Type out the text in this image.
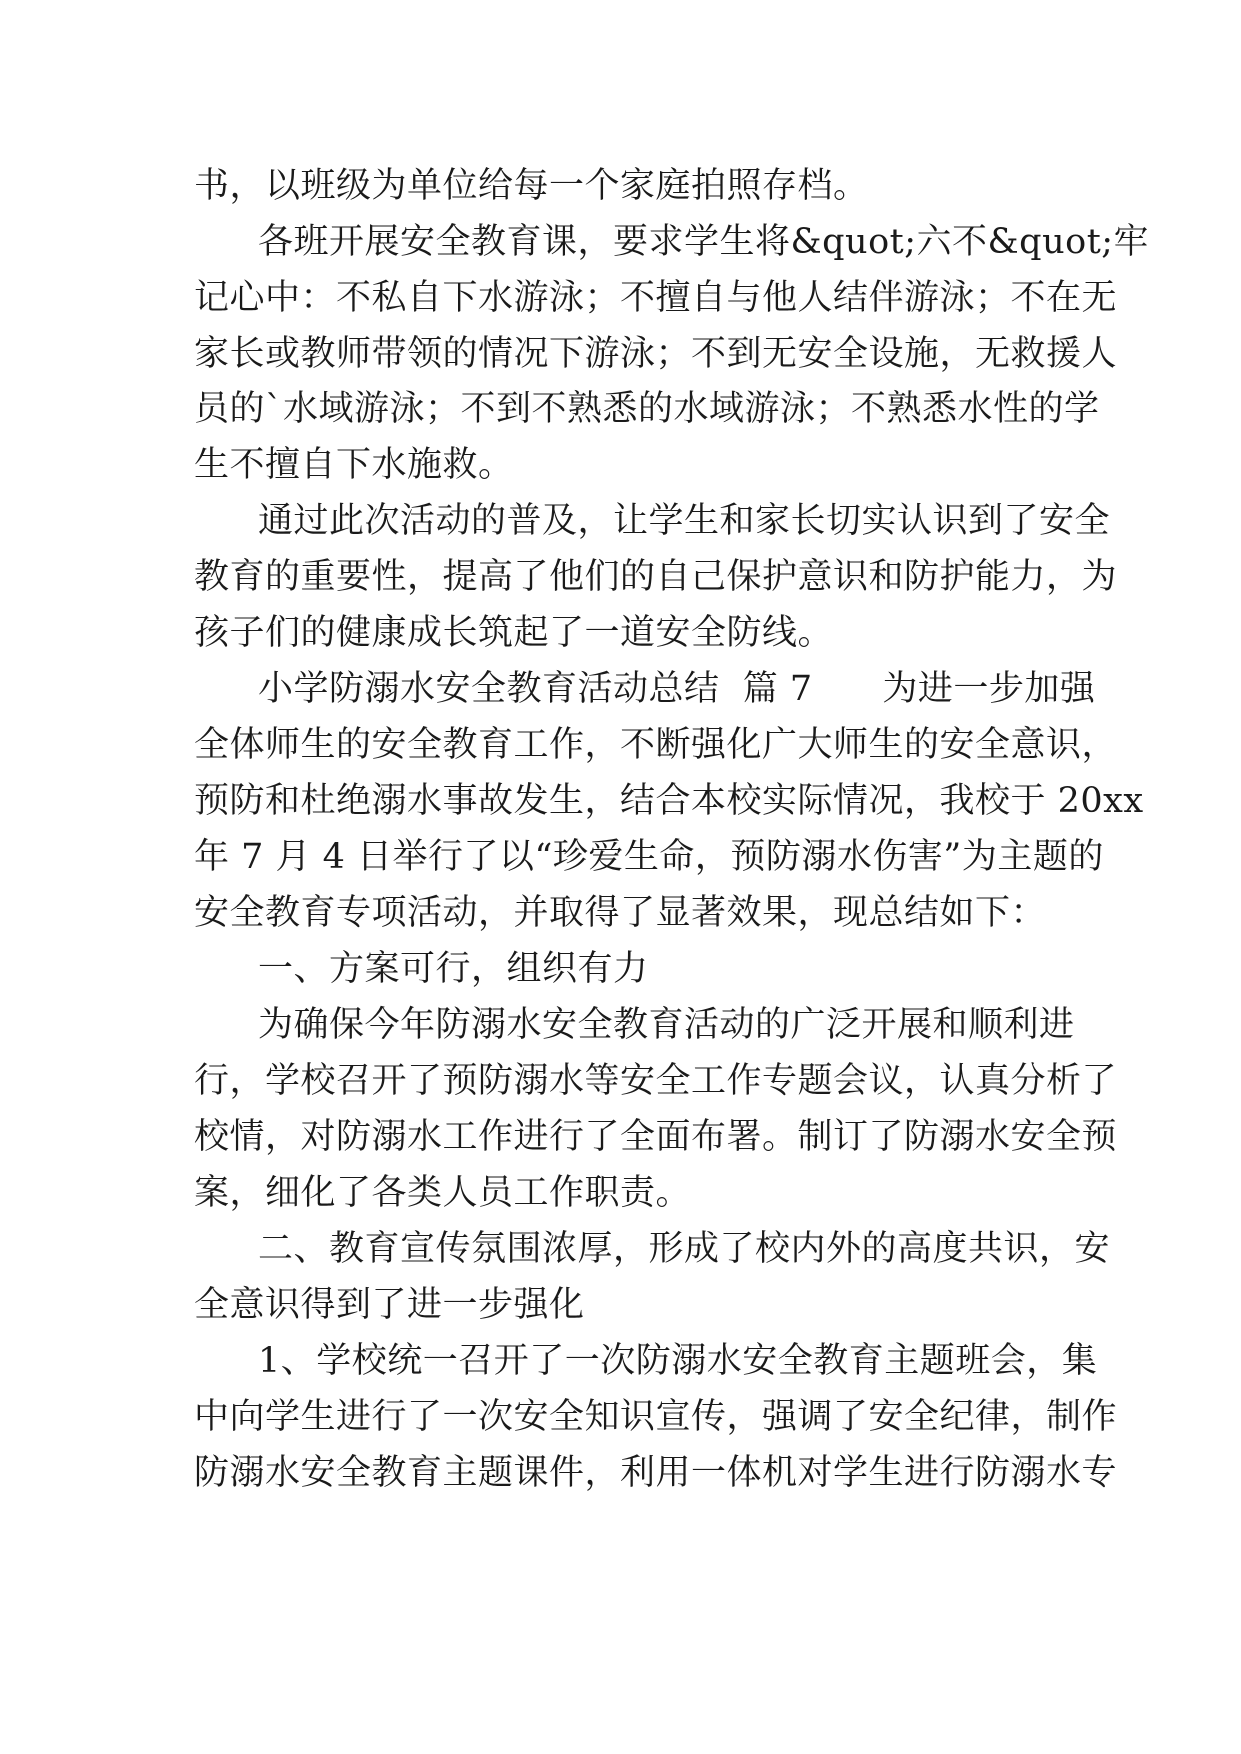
书，以班级为单位给每一个家庭拍照存档。
各班开展安全教育课，要求学生将&quot;六不&quot;牢
记心中：不私自下水游泳；不擅自与他人结伴游泳；不在无
家长或教师带领的情况下游泳；不到无安全设施，无救援人
员的`水域游泳；不到不熟悉的水域游泳；不熟悉水性的学
生不擅自下水施救。
通过此次活动的普及，让学生和家长切实认识到了安全
教育的重要性，提高了他们的自己保护意识和防护能力，为
孩子们的健康成长筑起了一道安全防线。
小学防溺水安全教育活动总结  篇 7      为进一步加强
全体师生的安全教育工作，不断强化广大师生的安全意识，
预防和杜绝溺水事故发生，结合本校实际情况，我校于 20xx
年 7 月 4 日举行了以“珍爱生命，预防溺水伤害”为主题的
安全教育专项活动，并取得了显著效果，现总结如下：
一、方案可行，组织有力
为确保今年防溺水安全教育活动的广泛开展和顺利进
行，学校召开了预防溺水等安全工作专题会议，认真分析了
校情，对防溺水工作进行了全面布署。制订了防溺水安全预
案，细化了各类人员工作职责。
二、教育宣传氛围浓厚，形成了校内外的高度共识，安
全意识得到了进一步强化
1、学校统一召开了一次防溺水安全教育主题班会，集
中向学生进行了一次安全知识宣传，强调了安全纪律，制作
防溺水安全教育主题课件，利用一体机对学生进行防溺水专
